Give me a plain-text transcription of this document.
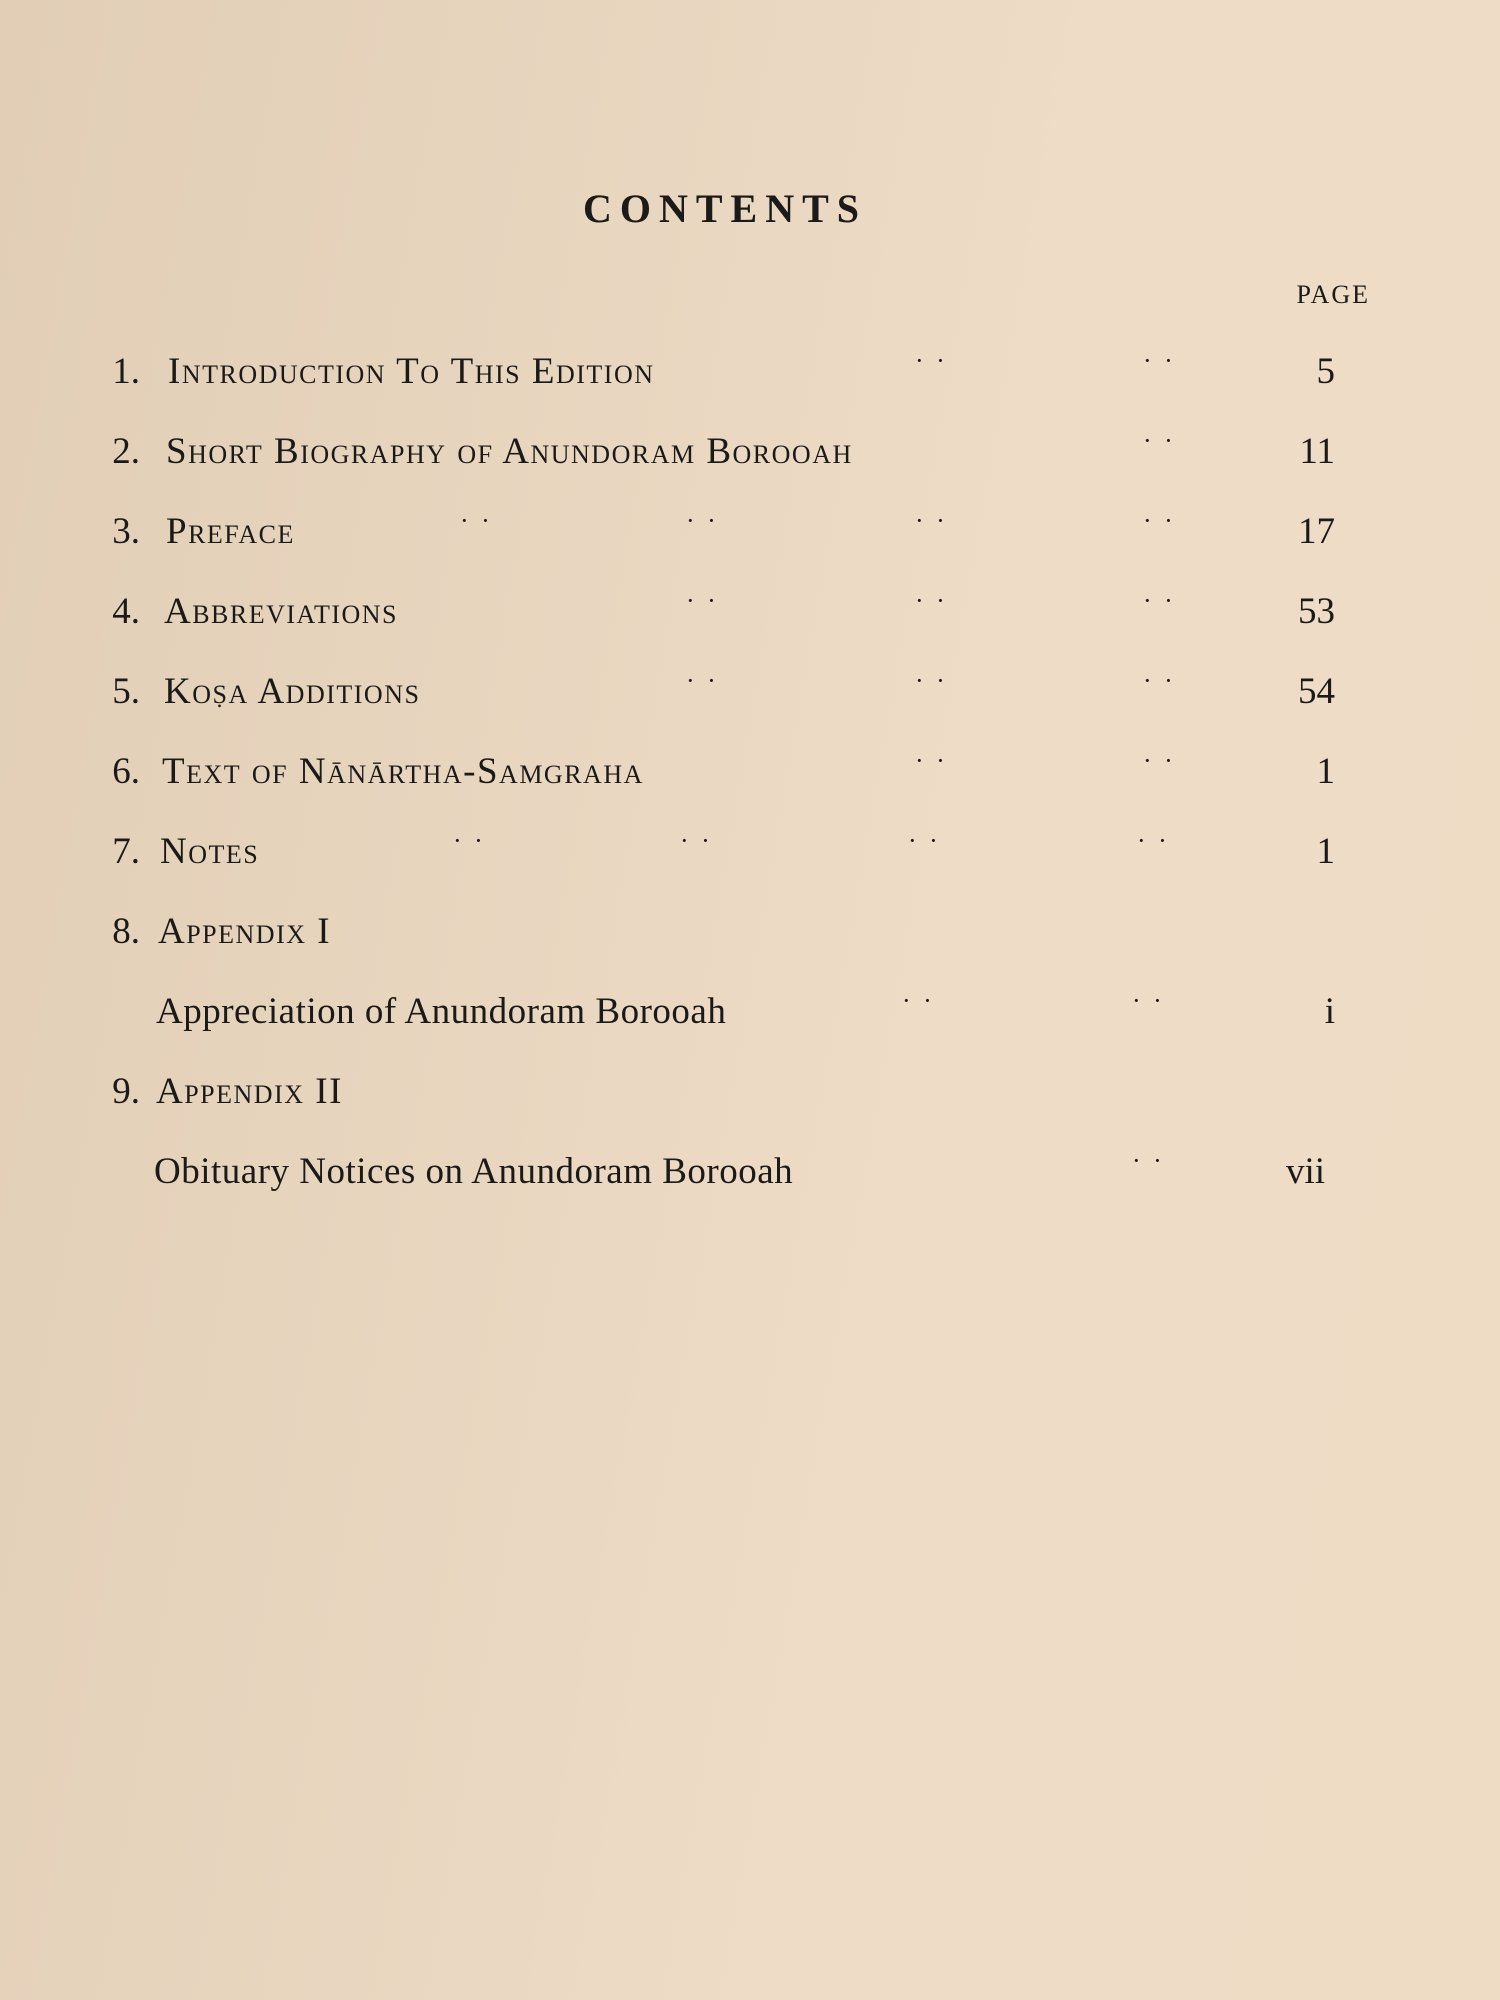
CONTENTS
PAGE
1. Introduction To This Edition	· ·	· ·	5
2. Short Biography of Anundoram Borooah	· ·	11
3. Preface	· ·	· ·	· ·	· ·	17
4. Abbreviations	· ·	· ·	· ·	53
5. Koṣa Additions	· ·	· ·	· ·	54
6. Text of Nānārtha-Samgraha	· ·	· ·	1
7. Notes	· ·	· ·	· ·	· ·	1
8. Appendix I
Appreciation of Anundoram Borooah	· ·	· ·	i
9. Appendix II
Obituary Notices on Anundoram Borooah	· ·	vii
